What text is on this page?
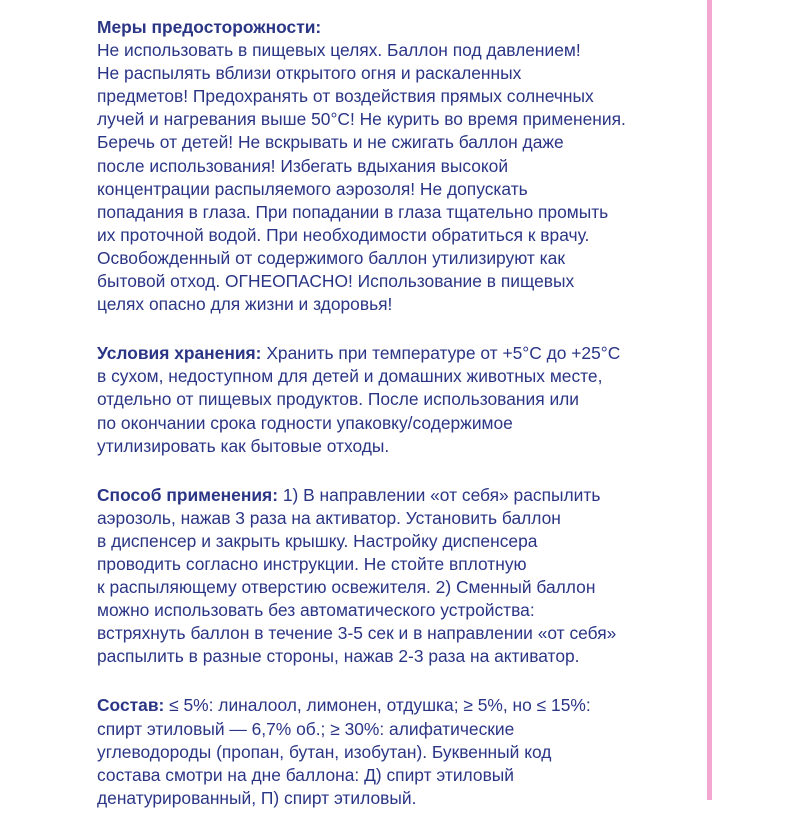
Меры предосторожности:
Не использовать в пищевых целях. Баллон под давлением!
Не распылять вблизи открытого огня и раскаленных
предметов! Предохранять от воздействия прямых солнечных
лучей и нагревания выше 50°С! Не курить во время применения.
Беречь от детей! Не вскрывать и не сжигать баллон даже
после использования! Избегать вдыхания высокой
концентрации распыляемого аэрозоля! Не допускать
попадания в глаза. При попадании в глаза тщательно промыть
их проточной водой. При необходимости обратиться к врачу.
Освобожденный от содержимого баллон утилизируют как
бытовой отход. ОГНЕОПАСНО! Использование в пищевых
целях опасно для жизни и здоровья!
Условия хранения: Хранить при температуре от +5°С до +25°С
в сухом, недоступном для детей и домашних животных месте,
отдельно от пищевых продуктов. После использования или
по окончании срока годности упаковку/содержимое
утилизировать как бытовые отходы.
Способ применения: 1) В направлении «от себя» распылить
аэрозоль, нажав 3 раза на активатор. Установить баллон
в диспенсер и закрыть крышку. Настройку диспенсера
проводить согласно инструкции. Не стойте вплотную
к распыляющему отверстию освежителя. 2) Сменный баллон
можно использовать без автоматического устройства:
встряхнуть баллон в течение 3-5 сек и в направлении «от себя»
распылить в разные стороны, нажав 2-3 раза на активатор.
Состав: ≤ 5%: линалоол, лимонен, отдушка; ≥ 5%, но ≤ 15%:
спирт этиловый — 6,7% об.; ≥ 30%: алифатические
углеводороды (пропан, бутан, изобутан). Буквенный код
состава смотри на дне баллона: Д) спирт этиловый
денатурированный, П) спирт этиловый.
